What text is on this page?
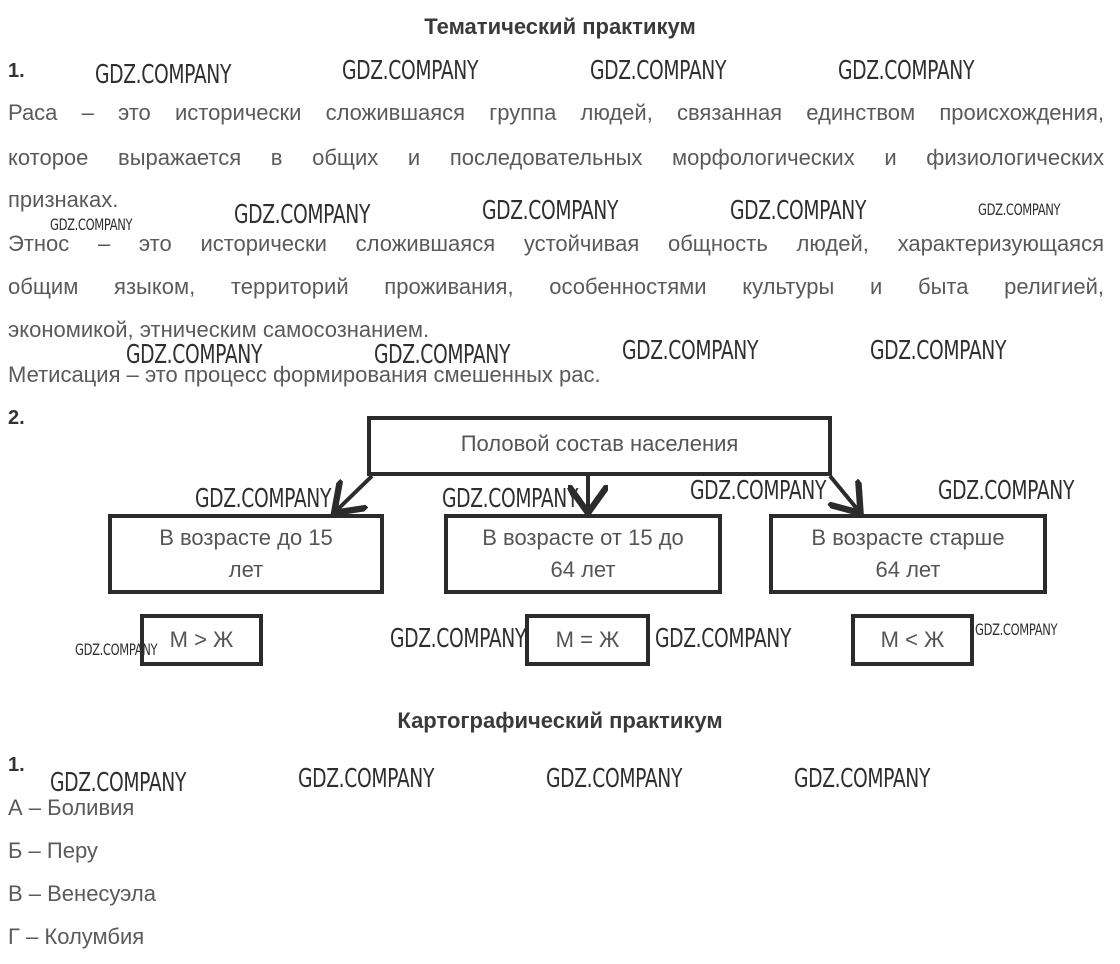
Тематический практикум
1.
Раса – это исторически сложившаяся группа людей, связанная единством происхождения,
которое выражается в общих и последовательных морфологических и физиологических
признаках.
Этнос – это исторически сложившаяся устойчивая общность людей, характеризующаяся
общим языком, территорий проживания, особенностями культуры и быта религией,
экономикой, этническим самосознанием.
Метисация – это процесс формирования смешенных рас.
2.
Половой состав населения
В возрасте до 15
лет
В возрасте от 15 до
64 лет
В возрасте старше
64 лет
М > Ж	М = Ж	М < Ж
Картографический практикум
1.
А – Боливия
Б – Перу
В – Венесуэла
Г – Колумбия
GDZ.COMPANY	GDZ.COMPANY	GDZ.COMPANY	GDZ.COMPANY
GDZ.COMPANY	GDZ.COMPANY	GDZ.COMPANY	GDZ.COMPANY	GDZ.COMPANY
GDZ.COMPANY	GDZ.COMPANY	GDZ.COMPANY	GDZ.COMPANY
GDZ.COMPANY	GDZ.COMPANY	GDZ.COMPANY	GDZ.COMPANY
GDZ.COMPANY	GDZ.COMPANY	GDZ.COMPANY	GDZ.COMPANY
GDZ.COMPANY	GDZ.COMPANY	GDZ.COMPANY	GDZ.COMPANY
